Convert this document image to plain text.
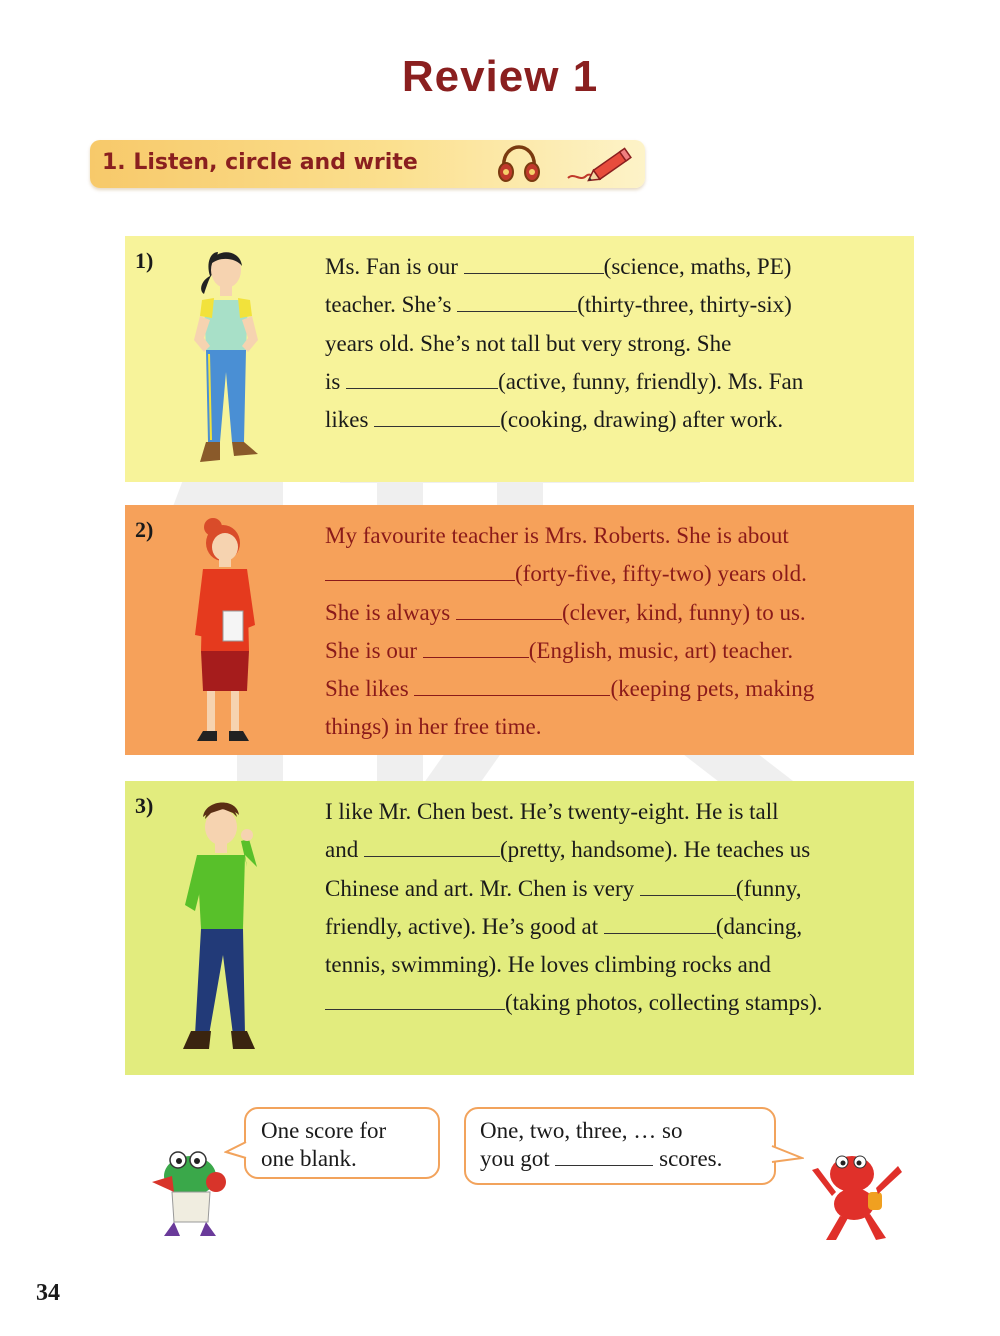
Review 1
1. Listen, circle and write
1)	Ms. Fan is our	(science, maths, PE)

teacher. She’s	(thirty-three, thirty-six)

years old. She’s not tall but very strong. She

is	(active, funny, friendly). Ms. Fan

likes	(cooking, drawing) after work.

2)	My favourite teacher is Mrs. Roberts. She is about

(forty-five, fifty-two) years old.

She is always	(clever, kind, funny) to us.

She is our	(English, music, art) teacher.

She likes	(keeping pets, making

things) in her free time.

3)	I like Mr. Chen best. He’s twenty-eight. He is tall

and	(pretty, handsome). He teaches us

Chinese and art. Mr. Chen is very	(funny,

friendly, active). He’s good at	(dancing,

tennis, swimming). He loves climbing rocks and

(taking photos, collecting stamps).

One score for
one blank.
One, two, three, … so
you got	scores.
34
